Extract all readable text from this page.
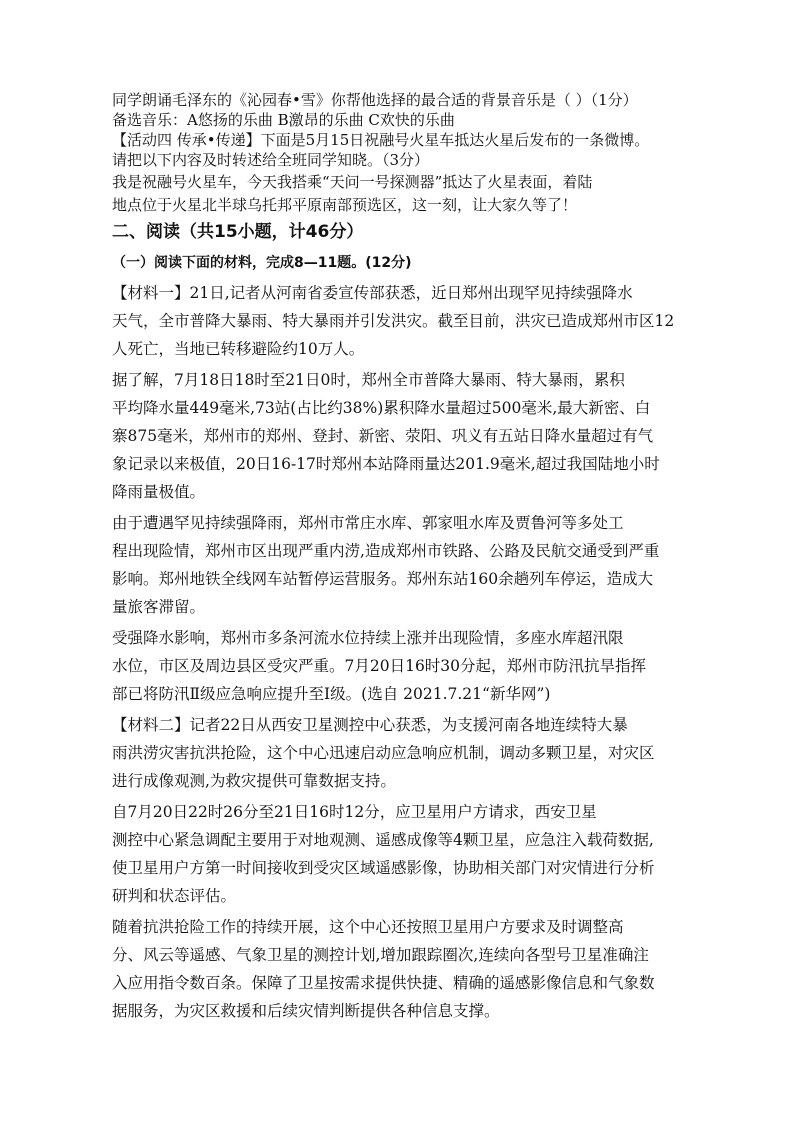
同学朗诵毛泽东的《沁园春•雪》你帮他选择的最合适的背景音乐是（ ）（1分）
备选音乐：A悠扬的乐曲 B激昂的乐曲 C欢快的乐曲
【活动四 传承•传递】下面是5月15日祝融号火星车抵达火星后发布的一条微博。
请把以下内容及时转述给全班同学知晓。（3分）
我是祝融号火星车，今天我搭乘“天问一号探测器”抵达了火星表面，着陆
地点位于火星北半球乌托邦平原南部预选区，这一刻，让大家久等了！
二、阅读（共15小题，计46分）
（一）阅读下面的材料，完成8—11题。(12分)
【材料一】21日,记者从河南省委宣传部获悉，近日郑州出现罕见持续强降水
天气，全市普降大暴雨、特大暴雨并引发洪灾。截至目前，洪灾已造成郑州市区12
人死亡，当地已转移避险约10万人。
据了解，7月18日18时至21日0时，郑州全市普降大暴雨、特大暴雨，累积
平均降水量449毫米,73站(占比约38%)累积降水量超过500毫米,最大新密、白
寨875毫米，郑州市的郑州、登封、新密、荥阳、巩义有五站日降水量超过有气
象记录以来极值，20日16-17时郑州本站降雨量达201.9毫米,超过我国陆地小时
降雨量极值。
由于遭遇罕见持续强降雨，郑州市常庄水库、郭家咀水库及贾鲁河等多处工
程出现险情，郑州市区出现严重内涝,造成郑州市铁路、公路及民航交通受到严重
影响。郑州地铁全线网车站暂停运营服务。郑州东站160余趟列车停运，造成大
量旅客滞留。
受强降水影响，郑州市多条河流水位持续上涨并出现险情，多座水库超汛限
水位，市区及周边县区受灾严重。7月20日16时30分起，郑州市防汛抗旱指挥
部已将防汛Ⅱ级应急响应提升至Ⅰ级。(选自 2021.7.21“新华网”)
【材料二】记者22日从西安卫星测控中心获悉，为支援河南各地连续特大暴
雨洪涝灾害抗洪抢险，这个中心迅速启动应急响应机制，调动多颗卫星，对灾区
进行成像观测,为救灾提供可靠数据支持。
自7月20日22时26分至21日16时12分，应卫星用户方请求，西安卫星
测控中心紧急调配主要用于对地观测、遥感成像等4颗卫星，应急注入载荷数据,
使卫星用户方第一时间接收到受灾区域遥感影像，协助相关部门对灾情进行分析
研判和状态评估。
随着抗洪抢险工作的持续开展，这个中心还按照卫星用户方要求及时调整高
分、风云等遥感、气象卫星的测控计划,增加跟踪圈次,连续向各型号卫星准确注
入应用指令数百条。保障了卫星按需求提供快捷、精确的遥感影像信息和气象数
据服务，为灾区救援和后续灾情判断提供各种信息支撑。
